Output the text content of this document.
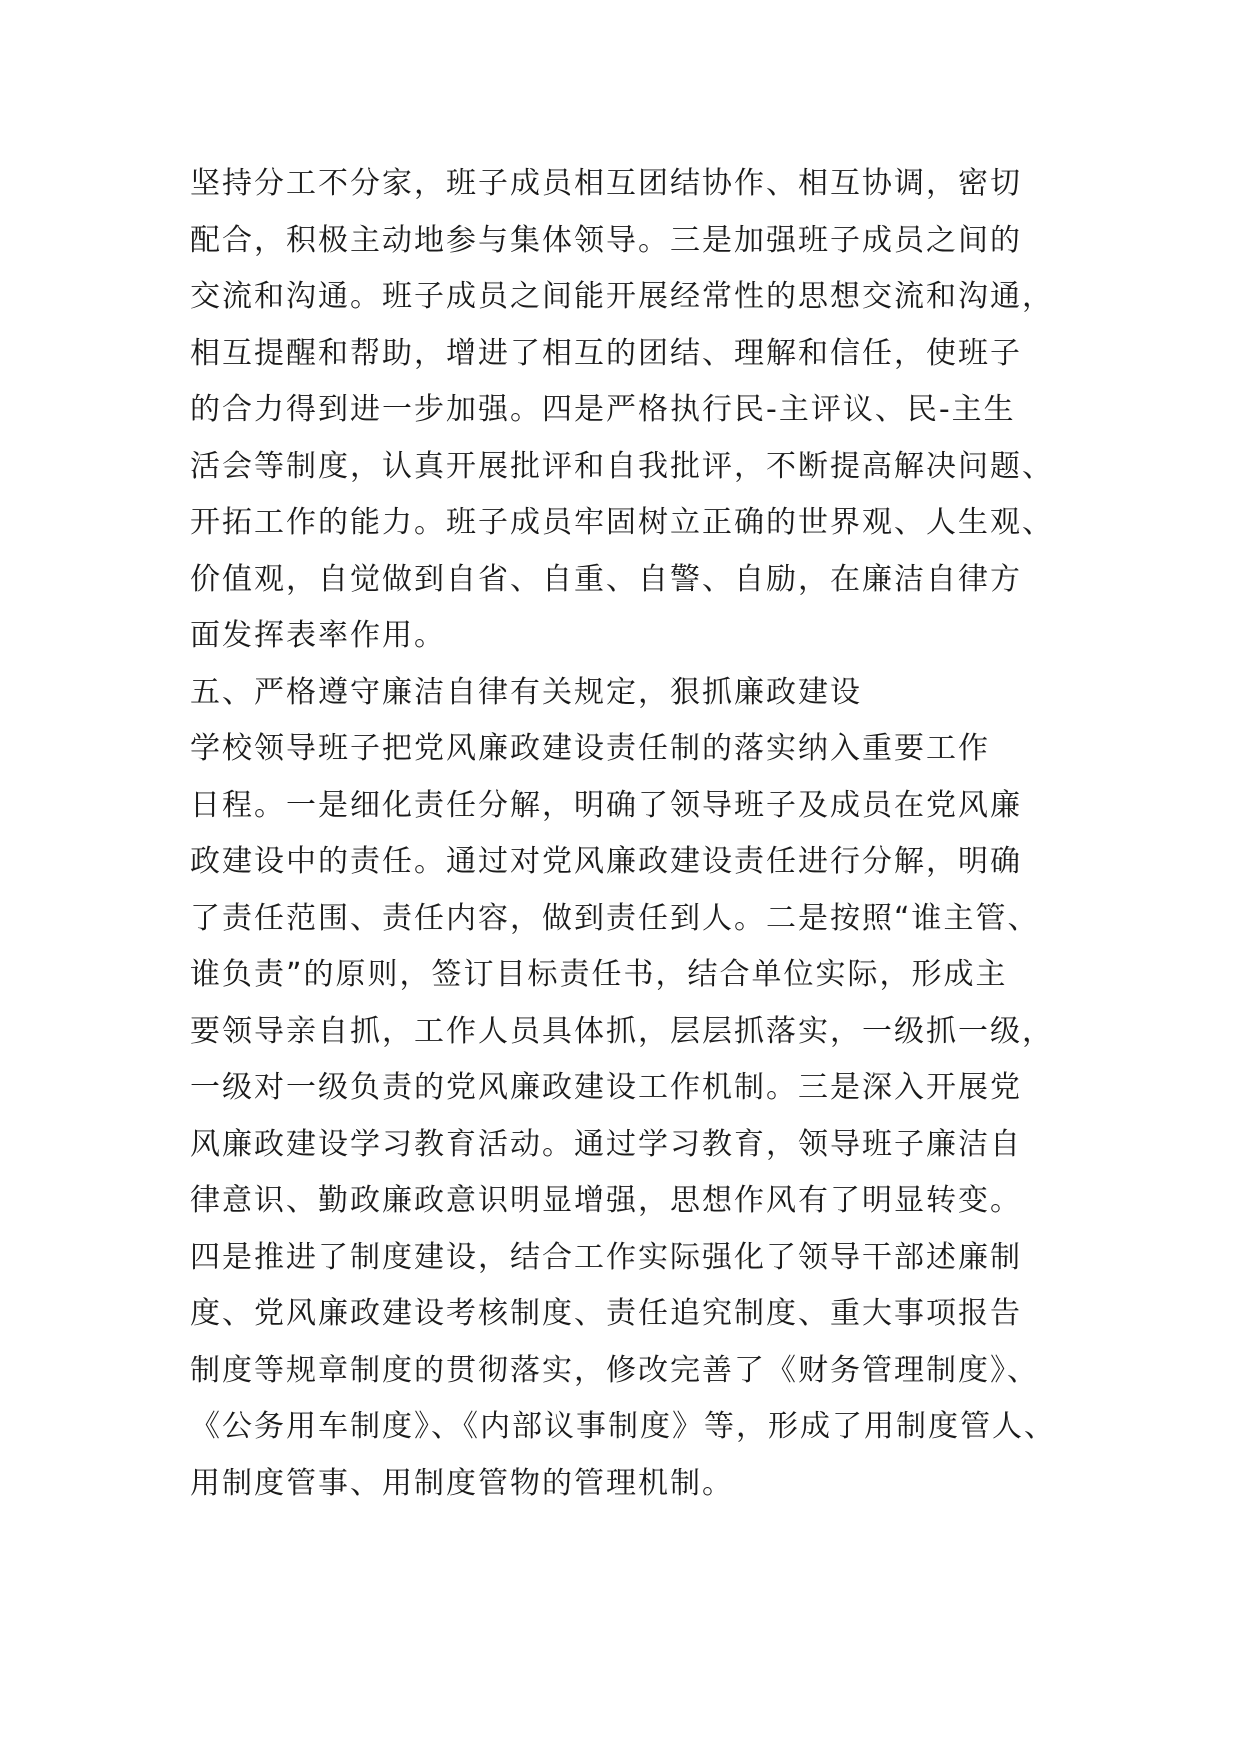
坚持分工不分家，班子成员相互团结协作、相互协调，密切
配合，积极主动地参与集体领导。三是加强班子成员之间的
交流和沟通。班子成员之间能开展经常性的思想交流和沟通，
相互提醒和帮助，增进了相互的团结、理解和信任，使班子
的合力得到进一步加强。四是严格执行民-主评议、民-主生
活会等制度，认真开展批评和自我批评，不断提高解决问题、
开拓工作的能力。班子成员牢固树立正确的世界观、人生观、
价值观，自觉做到自省、自重、自警、自励，在廉洁自律方
面发挥表率作用。
五、严格遵守廉洁自律有关规定，狠抓廉政建设
学校领导班子把党风廉政建设责任制的落实纳入重要工作
日程。一是细化责任分解，明确了领导班子及成员在党风廉
政建设中的责任。通过对党风廉政建设责任进行分解，明确
了责任范围、责任内容，做到责任到人。二是按照“谁主管、
谁负责”的原则，签订目标责任书，结合单位实际，形成主
要领导亲自抓，工作人员具体抓，层层抓落实，一级抓一级，
一级对一级负责的党风廉政建设工作机制。三是深入开展党
风廉政建设学习教育活动。通过学习教育，领导班子廉洁自
律意识、勤政廉政意识明显增强，思想作风有了明显转变。
四是推进了制度建设，结合工作实际强化了领导干部述廉制
度、党风廉政建设考核制度、责任追究制度、重大事项报告
制度等规章制度的贯彻落实，修改完善了《财务管理制度》、
《公务用车制度》、《内部议事制度》等，形成了用制度管人、
用制度管事、用制度管物的管理机制。
